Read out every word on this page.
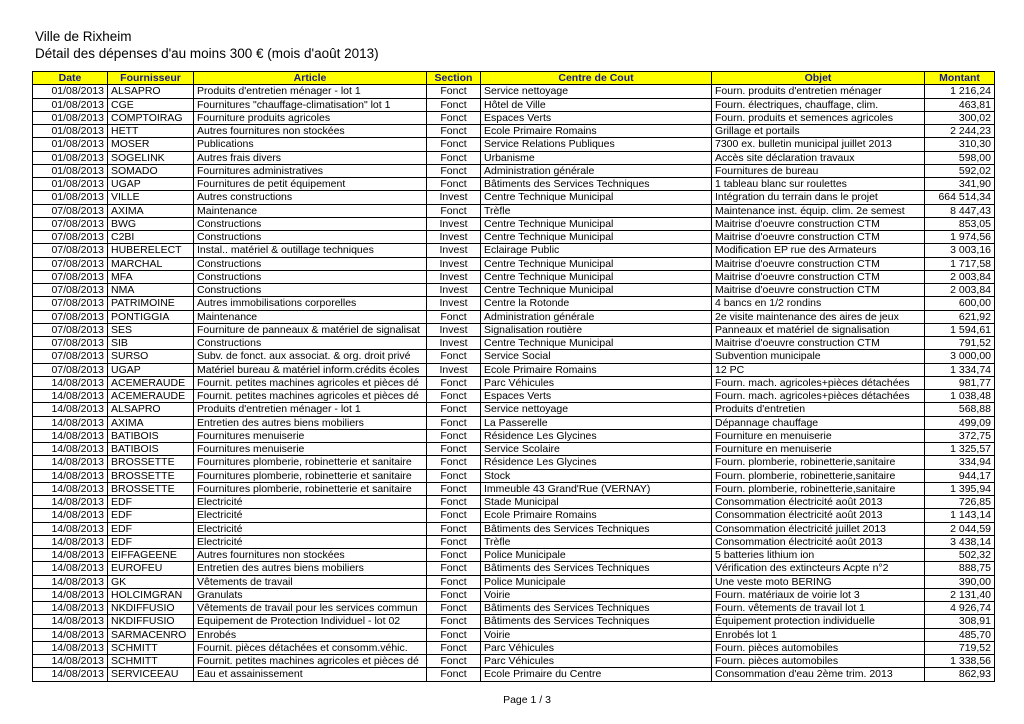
Ville de Rixheim
Détail des dépenses d'au moins 300 € (mois d'août 2013)
Date	Fournisseur	Article	Section	Centre de Cout	Objet	Montant
01/08/2013	ALSAPRO	Produits d'entretien ménager - lot 1	Fonct	Service nettoyage	Fourn. produits d'entretien ménager	1 216,24
01/08/2013	CGE	Fournitures "chauffage-climatisation" lot 1	Fonct	Hôtel de Ville	Fourn. électriques, chauffage, clim.	463,81
01/08/2013	COMPTOIRAG	Fourniture produits agricoles	Fonct	Espaces Verts	Fourn. produits et semences agricoles	300,02
01/08/2013	HETT	Autres fournitures non stockées	Fonct	Ecole Primaire Romains	Grillage et portails	2 244,23
01/08/2013	MOSER	Publications	Fonct	Service Relations Publiques	7300 ex. bulletin municipal juillet 2013	310,30
01/08/2013	SOGELINK	Autres frais divers	Fonct	Urbanisme	Accès site déclaration travaux	598,00
01/08/2013	SOMADO	Fournitures administratives	Fonct	Administration générale	Fournitures de bureau	592,02
01/08/2013	UGAP	Fournitures de petit équipement	Fonct	Bâtiments des Services Techniques	1 tableau blanc sur roulettes	341,90
01/08/2013	VILLE	Autres constructions	Invest	Centre Technique Municipal	Intégration du terrain dans le projet	664 514,34
07/08/2013	AXIMA	Maintenance	Fonct	Trèfle	Maintenance inst. équip. clim. 2e semest	8 447,43
07/08/2013	BWG	Constructions	Invest	Centre Technique Municipal	Maitrise d'oeuvre construction CTM	853,05
07/08/2013	C2BI	Constructions	Invest	Centre Technique Municipal	Maitrise d'oeuvre construction CTM	1 974,56
07/08/2013	HUBERELECT	Instal.. matériel & outillage techniques	Invest	Eclairage Public	Modification EP rue des Armateurs	3 003,16
07/08/2013	MARCHAL	Constructions	Invest	Centre Technique Municipal	Maitrise d'oeuvre construction CTM	1 717,58
07/08/2013	MFA	Constructions	Invest	Centre Technique Municipal	Maitrise d'oeuvre construction CTM	2 003,84
07/08/2013	NMA	Constructions	Invest	Centre Technique Municipal	Maitrise d'oeuvre construction CTM	2 003,84
07/08/2013	PATRIMOINE	Autres immobilisations corporelles	Invest	Centre la Rotonde	4 bancs en 1/2 rondins	600,00
07/08/2013	PONTIGGIA	Maintenance	Fonct	Administration générale	2e visite maintenance des aires de jeux	621,92
07/08/2013	SES	Fourniture de panneaux & matériel de signalisat	Invest	Signalisation routière	Panneaux et matériel de signalisation	1 594,61
07/08/2013	SIB	Constructions	Invest	Centre Technique Municipal	Maitrise d'oeuvre construction CTM	791,52
07/08/2013	SURSO	Subv. de fonct. aux associat. & org. droit privé	Fonct	Service Social	Subvention municipale	3 000,00
07/08/2013	UGAP	Matériel bureau & matériel inform.crédits écoles	Invest	Ecole Primaire Romains	12 PC	1 334,74
14/08/2013	ACEMERAUDE	Fournit. petites machines agricoles et pièces dé	Fonct	Parc Véhicules	Fourn. mach. agricoles+pièces détachées	981,77
14/08/2013	ACEMERAUDE	Fournit. petites machines agricoles et pièces dé	Fonct	Espaces Verts	Fourn. mach. agricoles+pièces détachées	1 038,48
14/08/2013	ALSAPRO	Produits d'entretien ménager - lot 1	Fonct	Service nettoyage	Produits d'entretien	568,88
14/08/2013	AXIMA	Entretien des autres biens mobiliers	Fonct	La Passerelle	Dépannage chauffage	499,09
14/08/2013	BATIBOIS	Fournitures menuiserie	Fonct	Résidence Les Glycines	Fourniture en menuiserie	372,75
14/08/2013	BATIBOIS	Fournitures menuiserie	Fonct	Service Scolaire	Fourniture en menuiserie	1 325,57
14/08/2013	BROSSETTE	Fournitures plomberie, robinetterie et sanitaire	Fonct	Résidence Les Glycines	Fourn. plomberie, robinetterie,sanitaire	334,94
14/08/2013	BROSSETTE	Fournitures plomberie, robinetterie et sanitaire	Fonct	Stock	Fourn. plomberie, robinetterie,sanitaire	944,17
14/08/2013	BROSSETTE	Fournitures plomberie, robinetterie et sanitaire	Fonct	Immeuble 43 Grand'Rue (VERNAY)	Fourn. plomberie, robinetterie,sanitaire	1 395,94
14/08/2013	EDF	Electricité	Fonct	Stade Municipal	Consommation électricité août 2013	726,85
14/08/2013	EDF	Electricité	Fonct	Ecole Primaire Romains	Consommation électricité août 2013	1 143,14
14/08/2013	EDF	Electricité	Fonct	Bâtiments des Services Techniques	Consommation électricité juillet 2013	2 044,59
14/08/2013	EDF	Electricité	Fonct	Trèfle	Consommation électricité août 2013	3 438,14
14/08/2013	EIFFAGEENE	Autres fournitures non stockées	Fonct	Police Municipale	5 batteries lithium ion	502,32
14/08/2013	EUROFEU	Entretien des autres biens mobiliers	Fonct	Bâtiments des Services Techniques	Vérification des extincteurs Acpte n°2	888,75
14/08/2013	GK	Vêtements de travail	Fonct	Police Municipale	Une veste moto BERING	390,00
14/08/2013	HOLCIMGRAN	Granulats	Fonct	Voirie	Fourn. matériaux de voirie lot 3	2 131,40
14/08/2013	NKDIFFUSIO	Vêtements de travail pour les services commun	Fonct	Bâtiments des Services Techniques	Fourn. vêtements de travail lot 1	4 926,74
14/08/2013	NKDIFFUSIO	Equipement de Protection Individuel - lot 02	Fonct	Bâtiments des Services Techniques	Équipement protection individuelle	308,91
14/08/2013	SARMACENRO	Enrobés	Fonct	Voirie	Enrobés lot 1	485,70
14/08/2013	SCHMITT	Fournit. pièces détachées et consomm.véhic.	Fonct	Parc Véhicules	Fourn. pièces automobiles	719,52
14/08/2013	SCHMITT	Fournit. petites machines agricoles et pièces dé	Fonct	Parc Véhicules	Fourn. pièces automobiles	1 338,56
14/08/2013	SERVICEEAU	Eau et assainissement	Fonct	Ecole Primaire du Centre	Consommation d'eau 2ème trim. 2013	862,93
Page 1 / 3
